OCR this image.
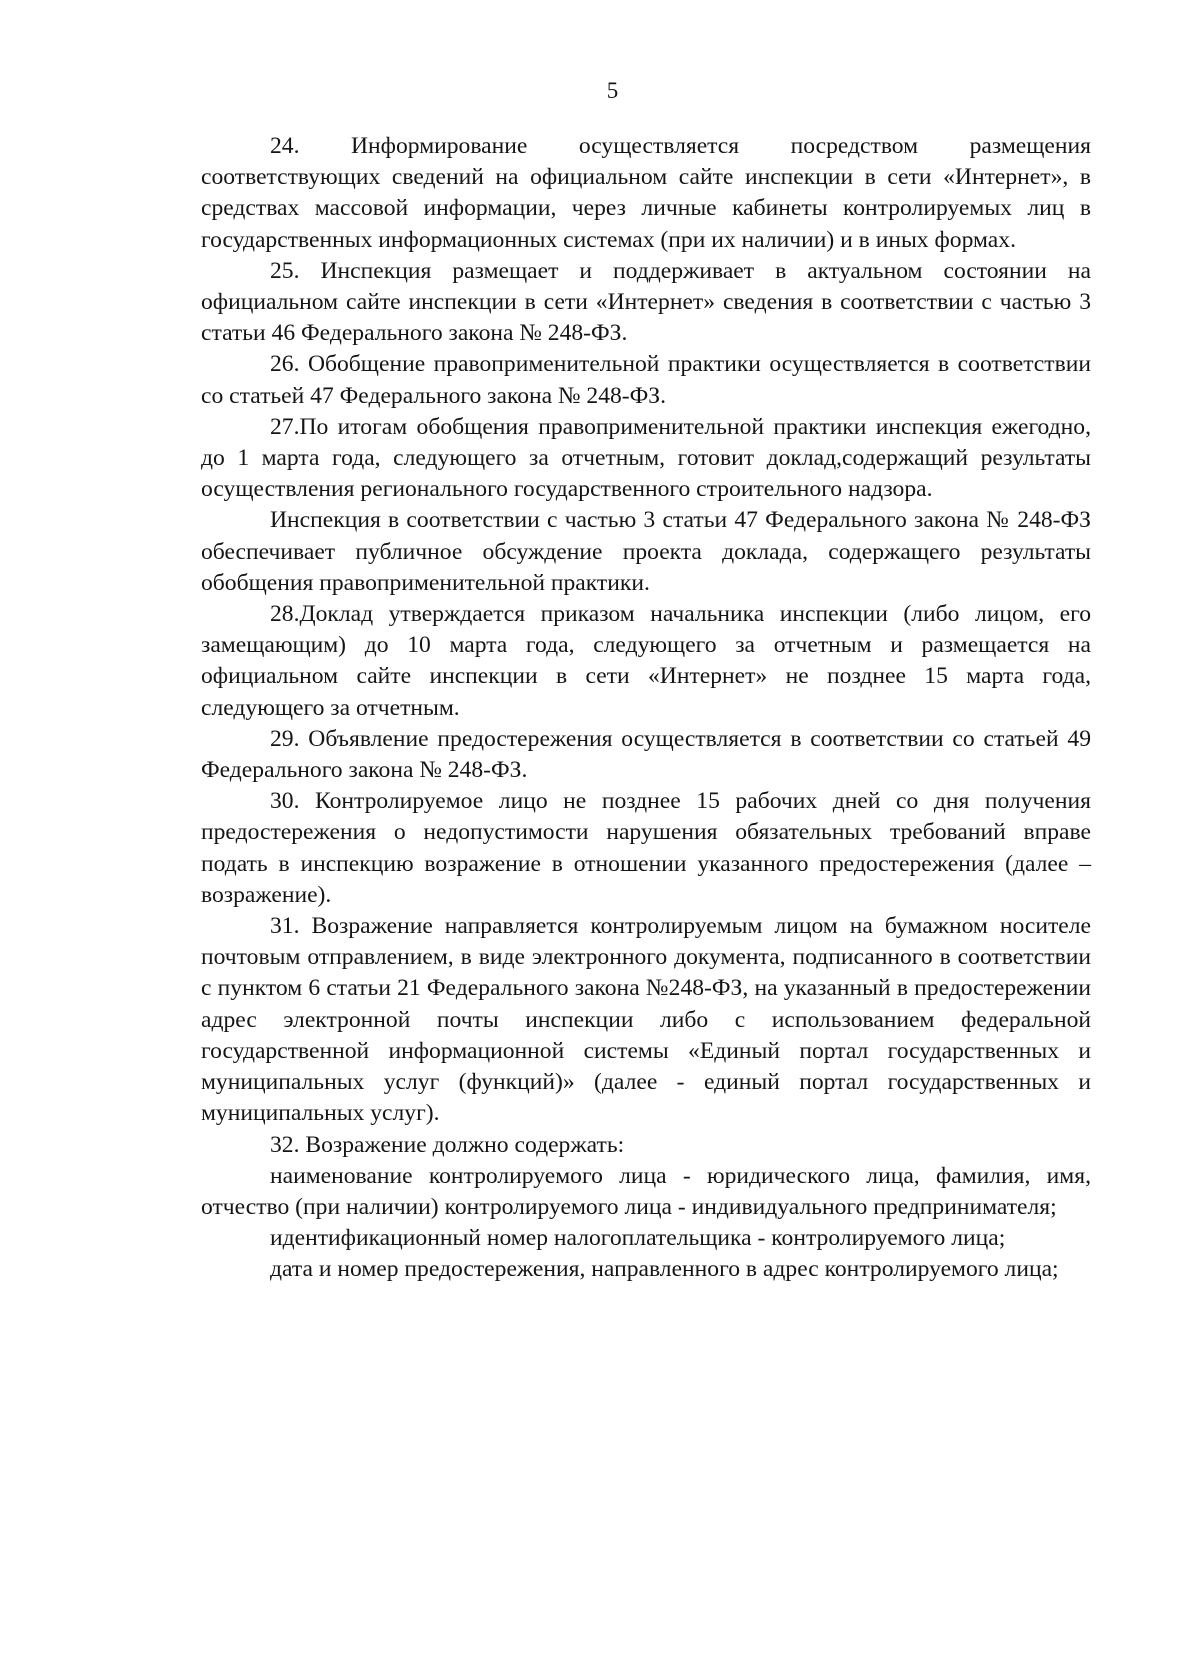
5

24. Информирование осуществляется посредством размещения соответствующих сведений на официальном сайте инспекции в сети «Интернет», в средствах массовой информации, через личные кабинеты контролируемых лиц в государственных информационных системах (при их наличии) и в иных формах.

25. Инспекция размещает и поддерживает в актуальном состоянии на официальном сайте инспекции в сети «Интернет» сведения в соответствии с частью 3 статьи 46 Федерального закона № 248-ФЗ.

26. Обобщение правоприменительной практики осуществляется в соответствии со статьей 47 Федерального закона № 248-ФЗ.

27.По итогам обобщения правоприменительной практики инспекция ежегодно, до 1 марта года, следующего за отчетным, готовит доклад,содержащий результаты осуществления регионального государственного строительного надзора.

Инспекция в соответствии с частью 3 статьи 47 Федерального закона № 248-ФЗ обеспечивает публичное обсуждение проекта доклада, содержащего результаты обобщения правоприменительной практики.

28.Доклад утверждается приказом начальника инспекции (либо лицом, его замещающим) до 10 марта года, следующего за отчетным и размещается на официальном сайте инспекции в сети «Интернет» не позднее 15 марта года, следующего за отчетным.

29. Объявление предостережения осуществляется в соответствии со статьей 49 Федерального закона № 248-ФЗ.

30. Контролируемое лицо не позднее 15 рабочих дней со дня получения предостережения о недопустимости нарушения обязательных требований вправе подать в инспекцию возражение в отношении указанного предостережения (далее – возражение).

31. Возражение направляется контролируемым лицом на бумажном носителе почтовым отправлением, в виде электронного документа, подписанного в соответствии с пунктом 6 статьи 21 Федерального закона №248-ФЗ, на указанный в предостережении адрес электронной почты инспекции либо с использованием федеральной государственной информационной системы «Единый портал государственных и муниципальных услуг (функций)» (далее - единый портал государственных и муниципальных услуг).

32. Возражение должно содержать:

наименование контролируемого лица - юридического лица, фамилия, имя, отчество (при наличии) контролируемого лица - индивидуального предпринимателя;

идентификационный номер налогоплательщика - контролируемого лица;

дата и номер предостережения, направленного в адрес контролируемого лица;
